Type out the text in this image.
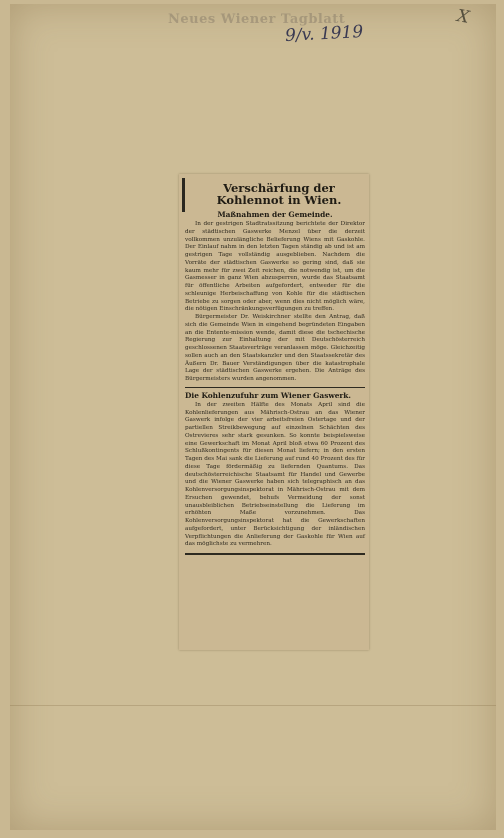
Neues Wiener Tagblatt
9/v. 1919
X
Verschärfung der Kohlennot in Wien.
Maßnahmen der Gemeinde.

In der gestrigen Stadtratssitzung berichtete der Direktor der städtischen Gaswerke Menzel über die derzeit vollkommen unzulängliche Belieferung Wiens mit Gaskohle. Der Einlauf nahm in den letzten Tagen ständig ab und ist am gestrigen Tage vollständig ausgeblieben. Nachdem die Vorräte der städtischen Gaswerke so gering sind, daß sie kaum mehr für zwei Zeit reichen, die notwendig ist, um die Gasmesser in ganz Wien abzusperren, wurde das Staatsamt für öffentliche Arbeiten aufgefordert, entweder für die schleunige Herbeischaffung von Kohle für die städtischen Betriebe zu sorgen oder aber, wenn dies nicht möglich wäre, die nötigen Einschränkungsverfügungen zu treffen.

Bürgermeister Dr. Weiskirchner stellte den Antrag, daß sich die Gemeinde Wien in eingehend begründeten Eingaben an die Entente-mission wende, damit diese die tschechische Regierung zur Einhaltung der mit Deutschösterreich geschlossenen Staatsverträge veranlassen möge. Gleichzeitig sollen auch an den Staatskanzler und den Staatssekretär des Äußern Dr. Bauer Verständigungen über die katastrophale Lage der städtischen Gaswerke ergehen. Die Anträge des Bürgermeisters wurden angenommen.

Die Kohlenzufuhr zum Wiener Gaswerk.

In der zweiten Hälfte des Monats April sind die Kohlenlieferungen aus Mährisch-Ostrau an das Wiener Gaswerk infolge der vier arbeitsfreien Ostertage und der partiellen Streikbewegung auf einzelnen Schächten des Ostrevieres sehr stark gesunken. So konnte beispielsweise eine Gewerkschaft im Monat April bloß etwa 60 Prozent des Schlußkontingents für diesen Monat liefern; in den ersten Tagen des Mai sank die Lieferung auf rund 40 Prozent des für diese Tage fördermäßig zu liefernden Quantums. Das deutschösterreichische Staatsamt für Handel und Gewerbe und die Wiener Gaswerke haben sich telegraphisch an das Kohlenversorgungsinspektorat in Mährisch-Ostrau mit dem Ersuchen gewendet, behufs Vermeidung der sonst unausbleiblichen Betriebseinstellung die Lieferung im erhöhten Maße vorzunehmen. Das Kohlenversorgungsinspektorat hat die Gewerkschaften aufgefordert, unter Berücksichtigung der inländischen Verpflichtungen die Anlieferung der Gaskohle für Wien auf das möglichste zu vermehren.
